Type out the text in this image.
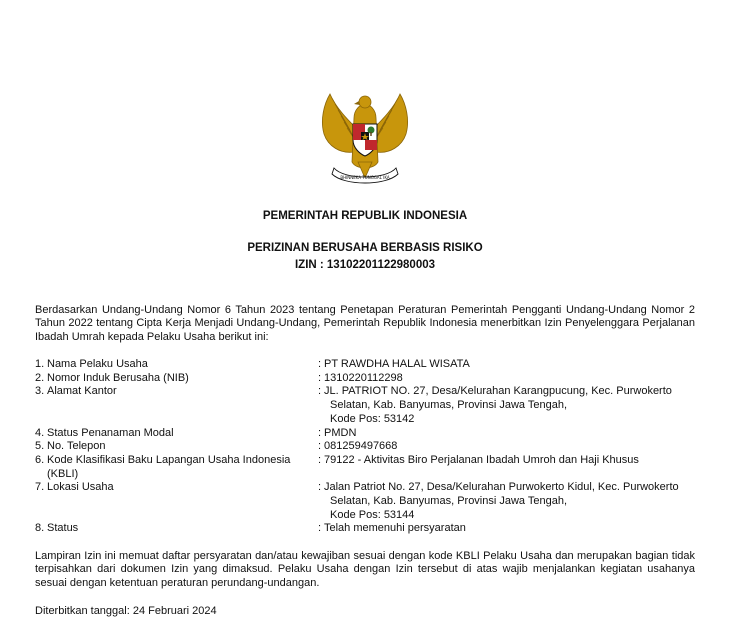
BHINNEKA TUNGGAL IKA
PEMERINTAH REPUBLIK INDONESIA
PERIZINAN BERUSAHA BERBASIS RISIKO
IZIN : 13102201122980003

Berdasarkan Undang-Undang Nomor 6 Tahun 2023 tentang Penetapan Peraturan Pemerintah Pengganti Undang-Undang Nomor 2 Tahun 2022 tentang Cipta Kerja Menjadi Undang-Undang, Pemerintah Republik Indonesia menerbitkan Izin Penyelenggara Perjalanan Ibadah Umrah kepada Pelaku Usaha berikut ini:

1. Nama Pelaku Usaha	: PT RAWDHA HALAL WISATA
2. Nomor Induk Berusaha (NIB)	: 1310220112298
3. Alamat Kantor	: JL. PATRIOT NO. 27, Desa/Kelurahan Karangpucung, Kec. Purwokerto
Selatan, Kab. Banyumas, Provinsi Jawa Tengah,
Kode Pos: 53142
4. Status Penanaman Modal	: PMDN
5. No. Telepon	: 081259497668
6. Kode Klasifikasi Baku Lapangan Usaha Indonesia
(KBLI)
: 79122 - Aktivitas Biro Perjalanan Ibadah Umroh dan Haji Khusus
7. Lokasi Usaha	: Jalan Patriot No. 27, Desa/Kelurahan Purwokerto Kidul, Kec. Purwokerto
Selatan, Kab. Banyumas, Provinsi Jawa Tengah,
Kode Pos: 53144
8. Status	: Telah memenuhi persyaratan

Lampiran Izin ini memuat daftar persyaratan dan/atau kewajiban sesuai dengan kode KBLI Pelaku Usaha dan merupakan bagian tidak terpisahkan dari dokumen Izin yang dimaksud. Pelaku Usaha dengan Izin tersebut di atas wajib menjalankan kegiatan usahanya sesuai dengan ketentuan peraturan perundang-undangan.

Diterbitkan tanggal: 24 Februari 2024
